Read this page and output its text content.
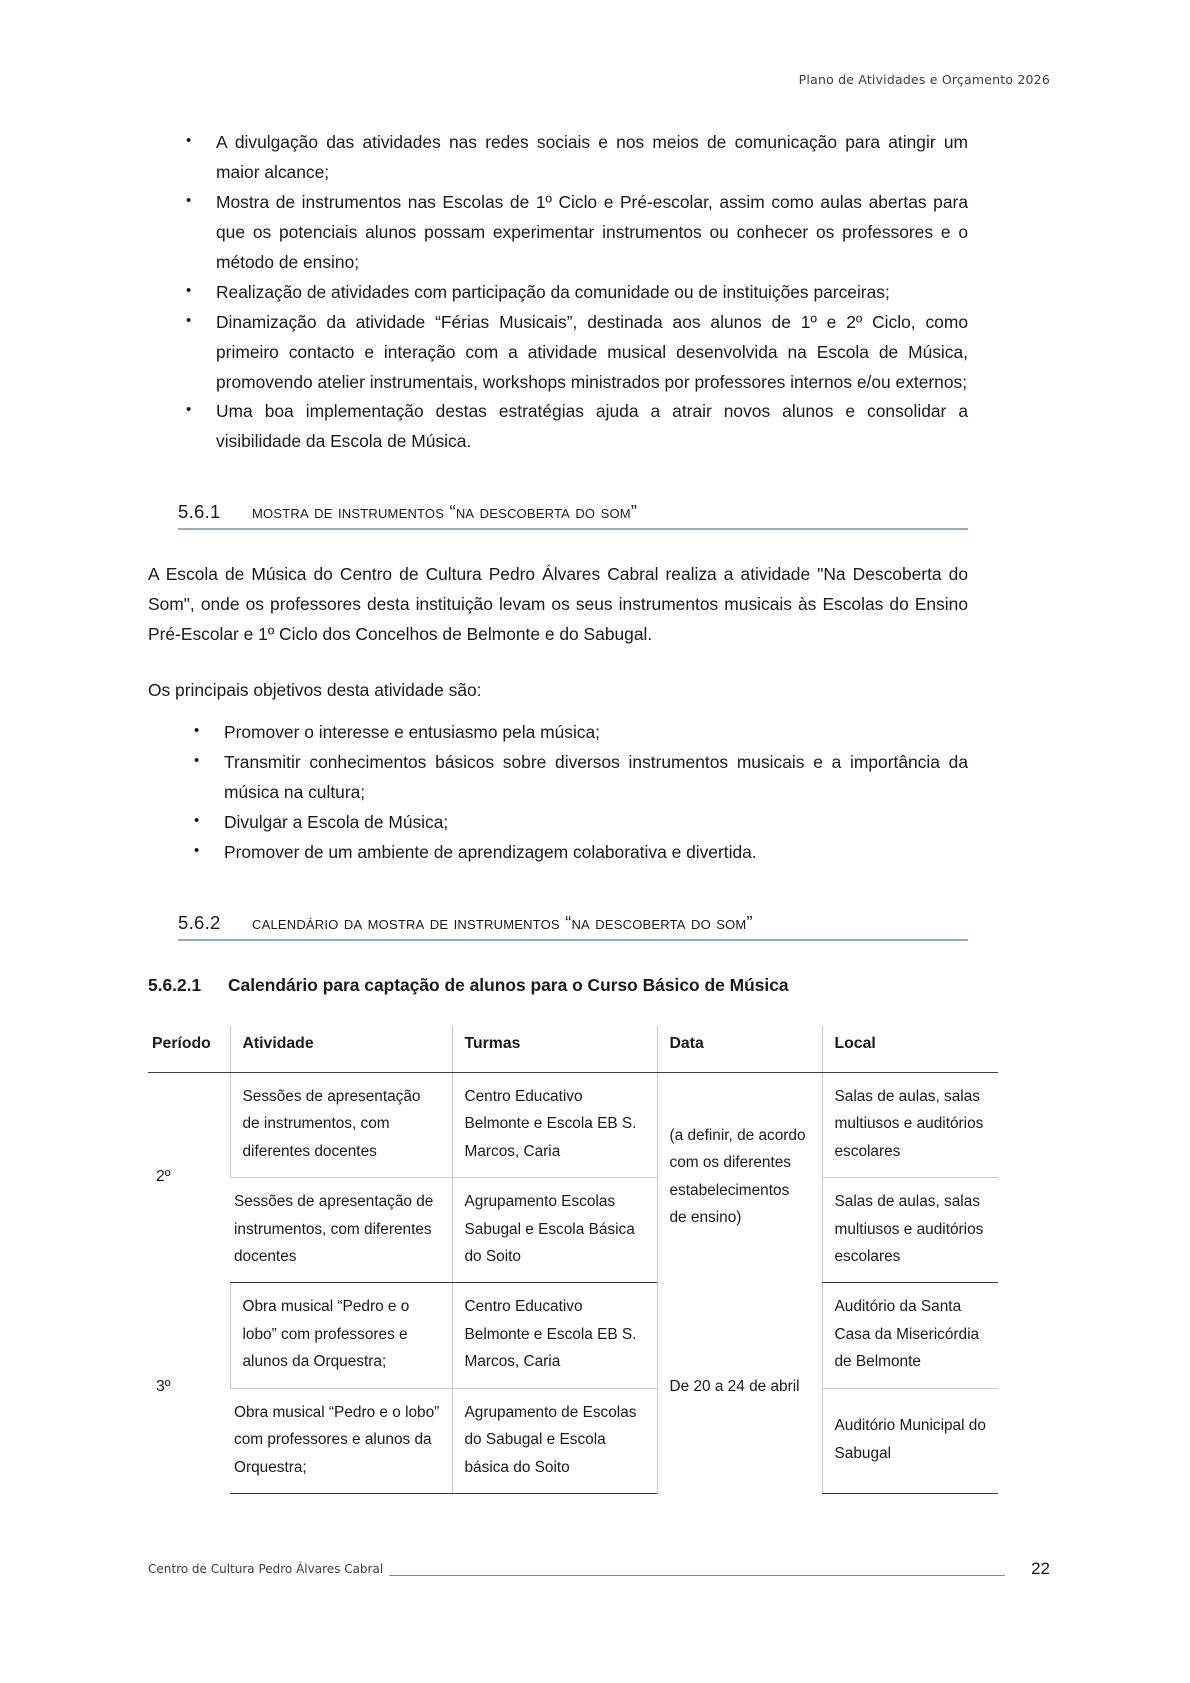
Plano de Atividades e Orçamento 2026
• A divulgação das atividades nas redes sociais e nos meios de comunicação para atingir um maior alcance;
• Mostra de instrumentos nas Escolas de 1º Ciclo e Pré-escolar, assim como aulas abertas para que os potenciais alunos possam experimentar instrumentos ou conhecer os professores e o método de ensino;
• Realização de atividades com participação da comunidade ou de instituições parceiras;
• Dinamização da atividade “Férias Musicais”, destinada aos alunos de 1º e 2º Ciclo, como primeiro contacto e interação com a atividade musical desenvolvida na Escola de Música, promovendo atelier instrumentais, workshops ministrados por professores internos e/ou externos;
• Uma boa implementação destas estratégias ajuda a atrair novos alunos e consolidar a visibilidade da Escola de Música.
5.6.1	mostra de instrumentos “na descoberta do som”

A Escola de Música do Centro de Cultura Pedro Álvares Cabral realiza a atividade "Na Descoberta do Som", onde os professores desta instituição levam os seus instrumentos musicais às Escolas do Ensino Pré-Escolar e 1º Ciclo dos Concelhos de Belmonte e do Sabugal.

Os principais objetivos desta atividade são:

• Promover o interesse e entusiasmo pela música;
• Transmitir conhecimentos básicos sobre diversos instrumentos musicais e a importância da música na cultura;
• Divulgar a Escola de Música;
• Promover de um ambiente de aprendizagem colaborativa e divertida.
5.6.2	calendário da mostra de instrumentos “na descoberta do som”
5.6.2.1	Calendário para captação de alunos para o Curso Básico de Música
Período	Atividade	Turmas	Data	Local
2º	Sessões de apresentação de instrumentos, com diferentes docentes	Centro Educativo Belmonte e Escola EB S. Marcos, Caria	(a definir, de acordo com os diferentes estabelecimentos de ensino)	Salas de aulas, salas multiusos e auditórios escolares
	Sessões de apresentação de instrumentos, com diferentes docentes	Agrupamento Escolas Sabugal e Escola Básica do Soito		Salas de aulas, salas multiusos e auditórios escolares
3º	Obra musical “Pedro e o lobo” com professores e alunos da Orquestra;	Centro Educativo Belmonte e Escola EB S. Marcos, Caria	De 20 a 24 de abril	Auditório da Santa Casa da Misericórdia de Belmonte
	Obra musical “Pedro e o lobo” com professores e alunos da Orquestra;	Agrupamento de Escolas do Sabugal e Escola básica do Soito		Auditório Municipal do Sabugal
Centro de Cultura Pedro Álvares Cabral	22
